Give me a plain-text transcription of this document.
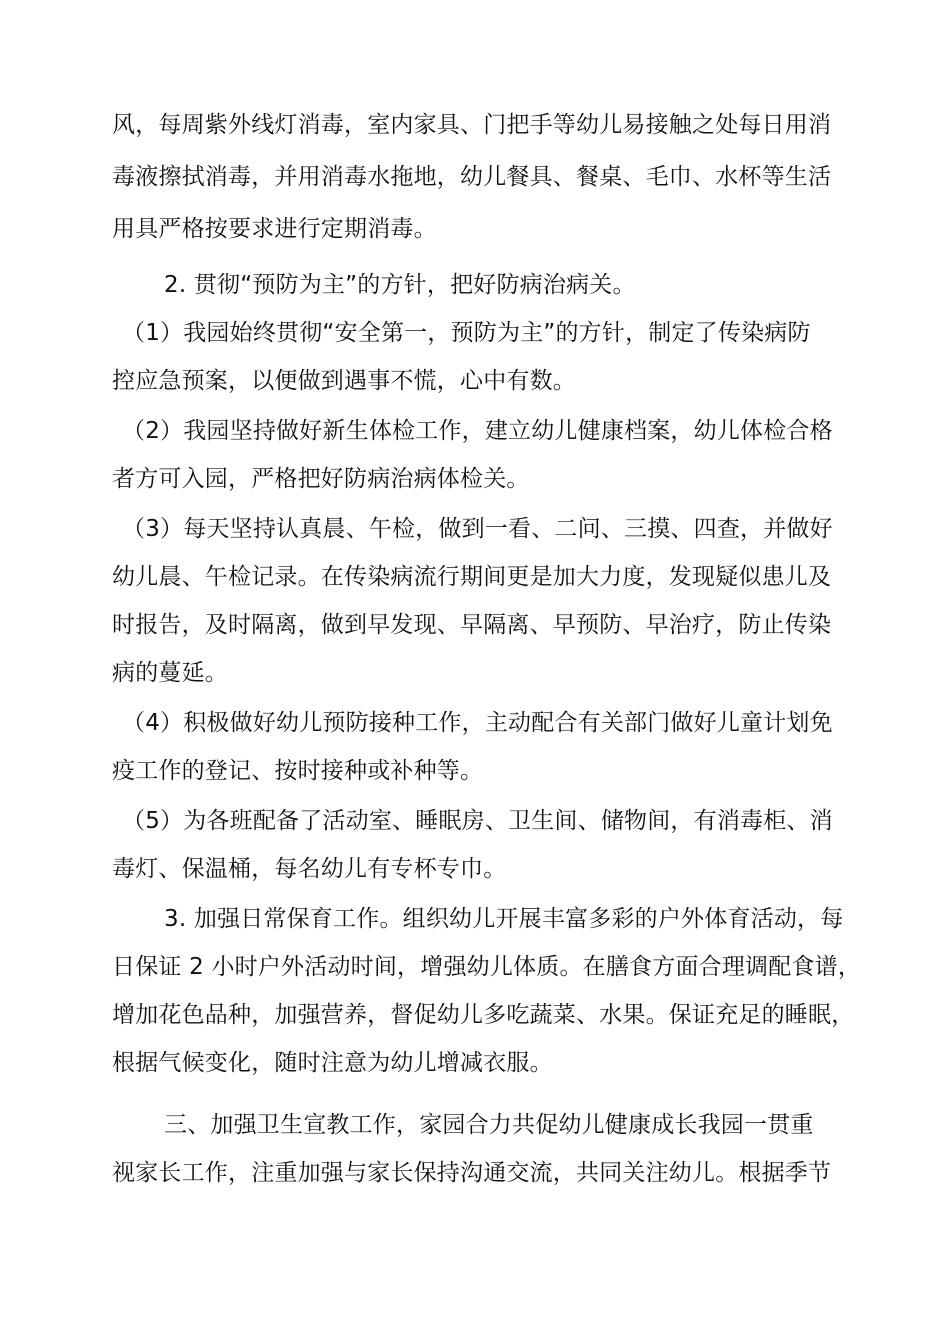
风，每周紫外线灯消毒，室内家具、门把手等幼儿易接触之处每日用消
毒液擦拭消毒，并用消毒水拖地，幼儿餐具、餐桌、毛巾、水杯等生活
用具严格按要求进行定期消毒。
2. 贯彻“预防为主”的方针，把好防病治病关。
（1）我园始终贯彻“安全第一，预防为主”的方针，制定了传染病防
控应急预案，以便做到遇事不慌，心中有数。
（2）我园坚持做好新生体检工作，建立幼儿健康档案，幼儿体检合格
者方可入园，严格把好防病治病体检关。
（3）每天坚持认真晨、午检，做到一看、二问、三摸、四查，并做好
幼儿晨、午检记录。在传染病流行期间更是加大力度，发现疑似患儿及
时报告，及时隔离，做到早发现、早隔离、早预防、早治疗，防止传染
病的蔓延。
（4）积极做好幼儿预防接种工作，主动配合有关部门做好儿童计划免
疫工作的登记、按时接种或补种等。
（5）为各班配备了活动室、睡眠房、卫生间、储物间，有消毒柜、消
毒灯、保温桶，每名幼儿有专杯专巾。
3. 加强日常保育工作。组织幼儿开展丰富多彩的户外体育活动，每
日保证 2 小时户外活动时间，增强幼儿体质。在膳食方面合理调配食谱，
增加花色品种，加强营养，督促幼儿多吃蔬菜、水果。保证充足的睡眠，
根据气候变化，随时注意为幼儿增减衣服。
三、加强卫生宣教工作，家园合力共促幼儿健康成长我园一贯重
视家长工作，注重加强与家长保持沟通交流，共同关注幼儿。根据季节
